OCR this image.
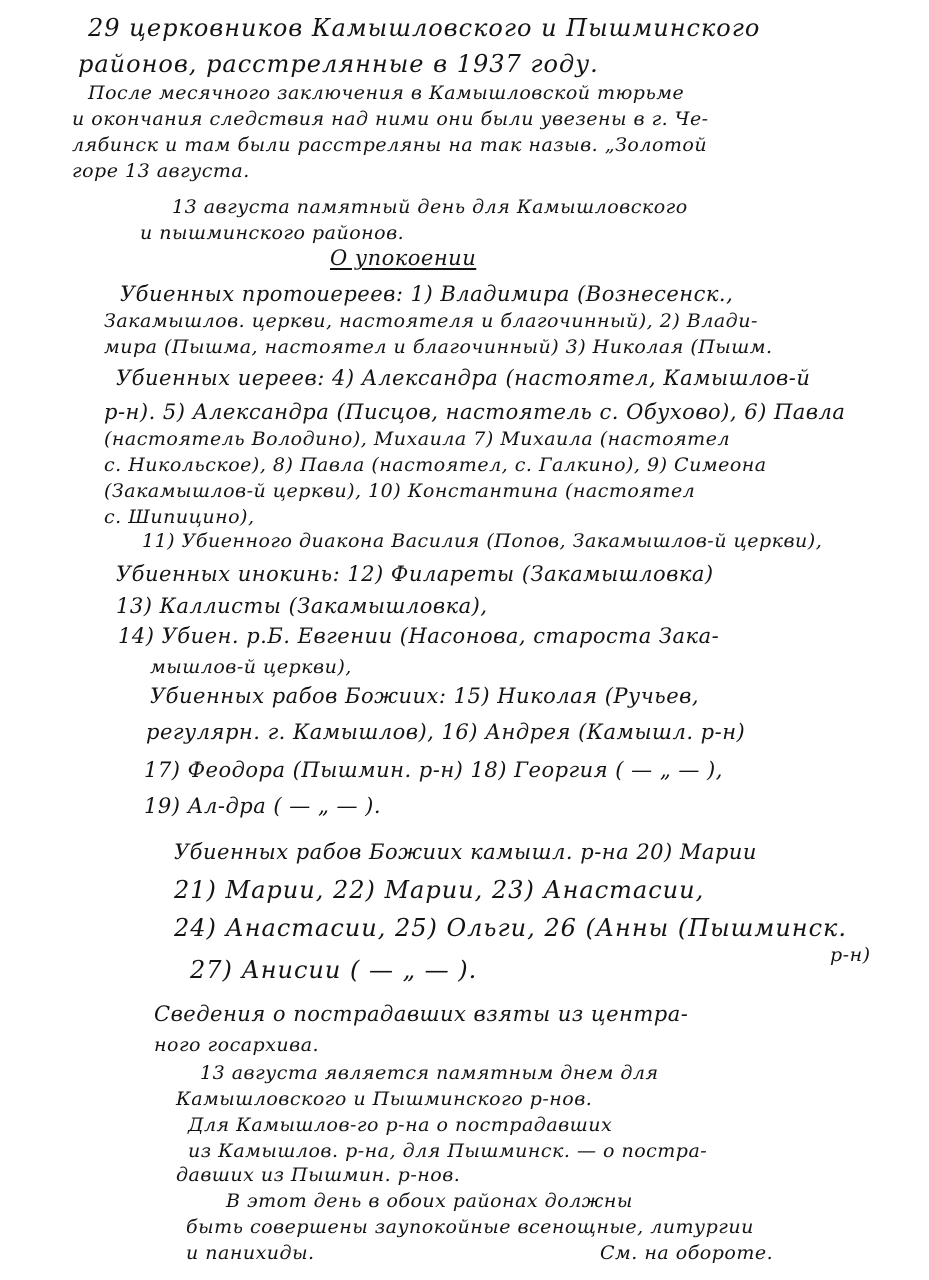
29 церковников Камышловского и Пышминского
районов, расстрелянные в 1937 году.
После месячного заключения в Камышловской тюрьме
и окончания следствия над ними они были увезены в г. Че-
лябинск и там были расстреляны на так назыв. „Золотой
горе 13 августа.
13 августа памятный день для Камышловского
и пышминского районов.
О упокоении
Убиенных протоиереев: 1) Владимира (Вознесенск.,
Закамышлов. церкви, настоятеля и благочинный), 2) Влади-
мира (Пышма, настоятел и благочинный) 3) Николая (Пышм.
Убиенных иереев: 4) Александра (настоятел, Камышлов-й
р-н). 5) Александра (Писцов, настоятель с. Обухово), 6) Павла
(настоятель Володино), Михаила 7) Михаила (настоятел
с. Никольское), 8) Павла (настоятел, с. Галкино), 9) Симеона
(Закамышлов-й церкви), 10) Константина (настоятел
с. Шипицино),
11) Убиенного диакона Василия (Попов, Закамышлов-й церкви),
Убиенных инокинь: 12) Филареты (Закамышловка)
13) Каллисты (Закамышловка),
14) Убиен. р.Б. Евгении (Насонова, староста Зака-
мышлов-й церкви),
Убиенных рабов Божиих: 15) Николая (Ручьев,
регулярн. г. Камышлов), 16) Андрея (Камышл. р-н)
17) Феодора (Пышмин. р-н) 18) Георгия ( — „ — ),
19) Ал-дра ( — „ — ).
Убиенных рабов Божиих камышл. р-на 20) Марии
21) Марии, 22) Марии, 23) Анастасии,
24) Анастасии, 25) Ольги, 26 (Анны (Пышминск.
р-н)
27) Анисии ( — „ — ).
Сведения о пострадавших взяты из центра-
ного госархива.
13 августа является памятным днем для
Камышловского и Пышминского р-нов.
Для Камышлов-го р-на о пострадавших
из Камышлов. р-на, для Пышминск. — о постра-
давших из Пышмин. р-нов.
В этот день в обоих районах должны
быть совершены заупокойные всенощные, литургии
и панихиды.	См. на обороте.
